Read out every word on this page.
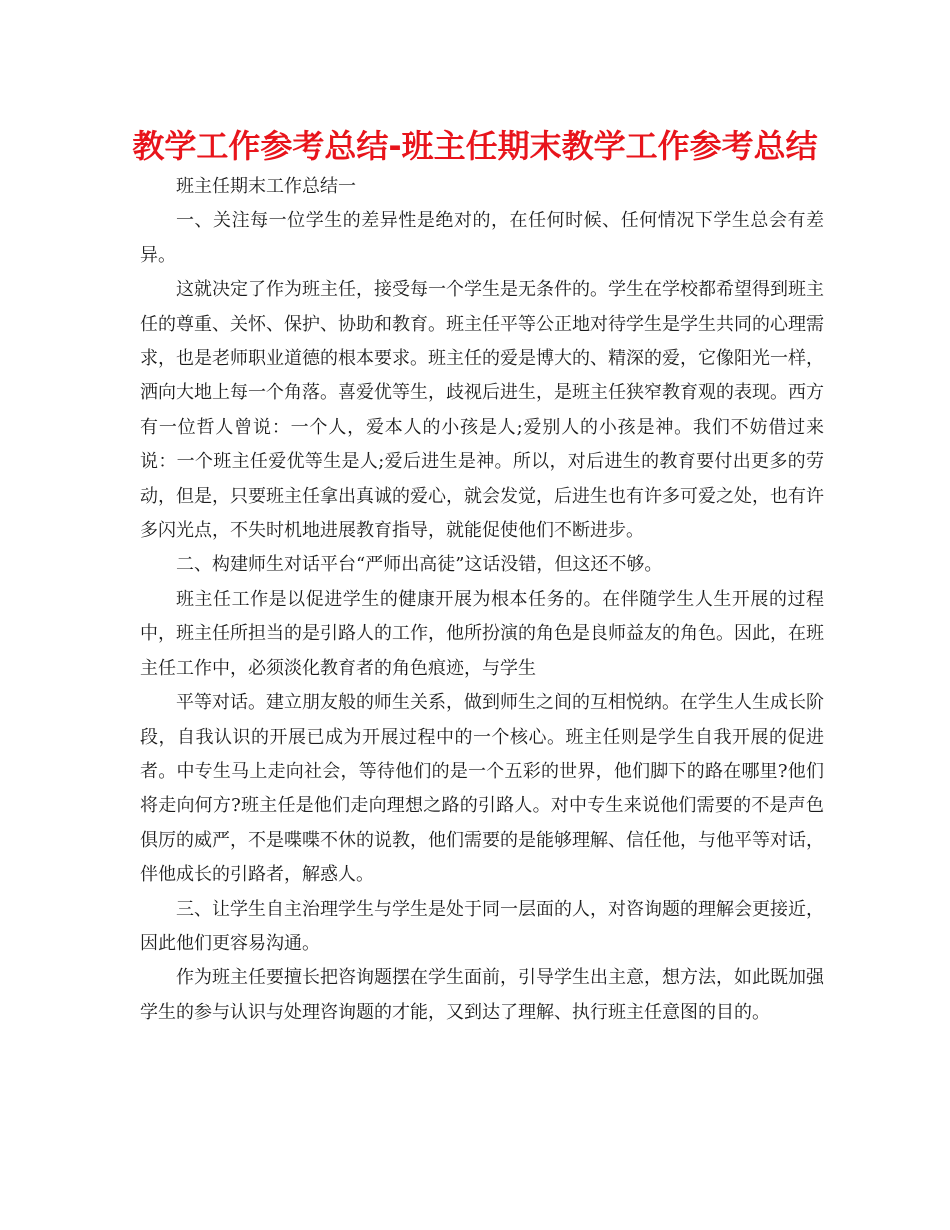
教学工作参考总结-班主任期末教学工作参考总结

班主任期末工作总结一

一、关注每一位学生的差异性是绝对的，在任何时候、任何情况下学生总会有差异。

这就决定了作为班主任，接受每一个学生是无条件的。学生在学校都希望得到班主任的尊重、关怀、保护、协助和教育。班主任平等公正地对待学生是学生共同的心理需求，也是老师职业道德的根本要求。班主任的爱是博大的、精深的爱，它像阳光一样，洒向大地上每一个角落。喜爱优等生，歧视后进生，是班主任狭窄教育观的表现。西方有一位哲人曾说：一个人，爱本人的小孩是人;爱别人的小孩是神。我们不妨借过来说：一个班主任爱优等生是人;爱后进生是神。所以，对后进生的教育要付出更多的劳动，但是，只要班主任拿出真诚的爱心，就会发觉，后进生也有许多可爱之处，也有许多闪光点，不失时机地进展教育指导，就能促使他们不断进步。

二、构建师生对话平台“严师出高徒”这话没错，但这还不够。

班主任工作是以促进学生的健康开展为根本任务的。在伴随学生人生开展的过程中，班主任所担当的是引路人的工作，他所扮演的角色是良师益友的角色。因此，在班主任工作中，必须淡化教育者的角色痕迹，与学生

平等对话。建立朋友般的师生关系，做到师生之间的互相悦纳。在学生人生成长阶段，自我认识的开展已成为开展过程中的一个核心。班主任则是学生自我开展的促进者。中专生马上走向社会，等待他们的是一个五彩的世界，他们脚下的路在哪里?他们将走向何方?班主任是他们走向理想之路的引路人。对中专生来说他们需要的不是声色俱厉的威严，不是喋喋不休的说教，他们需要的是能够理解、信任他，与他平等对话，伴他成长的引路者，解惑人。

三、让学生自主治理学生与学生是处于同一层面的人，对咨询题的理解会更接近，因此他们更容易沟通。

作为班主任要擅长把咨询题摆在学生面前，引导学生出主意，想方法，如此既加强学生的参与认识与处理咨询题的才能，又到达了理解、执行班主任意图的目的。
